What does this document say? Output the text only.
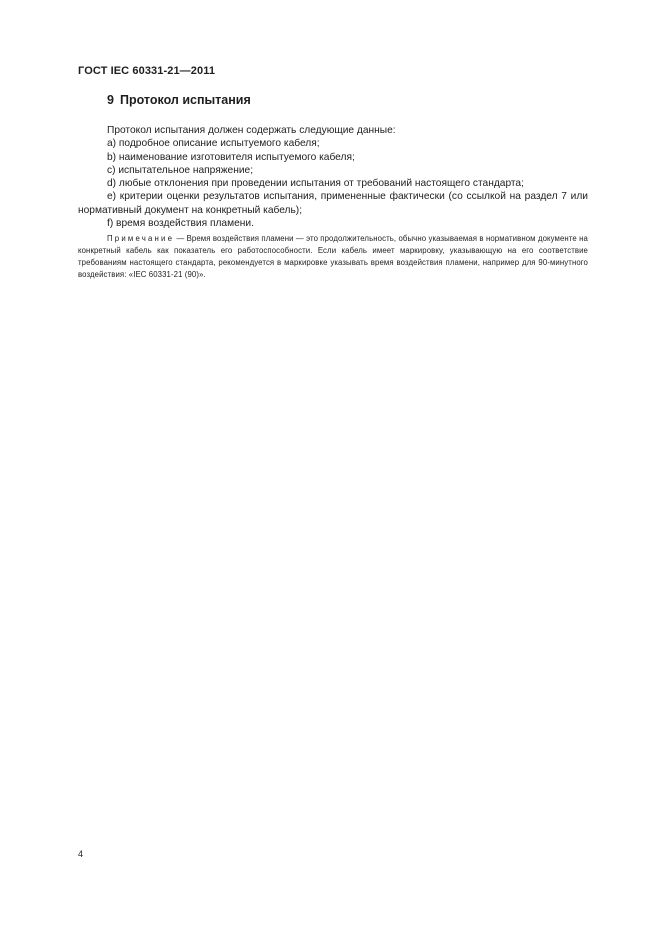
ГОСТ IEC 60331-21—2011
9 Протокол испытания
Протокол испытания должен содержать следующие данные:
a) подробное описание испытуемого кабеля;
b) наименование изготовителя испытуемого кабеля;
c) испытательное напряжение;
d) любые отклонения при проведении испытания от требований настоящего стандарта;
e) критерии оценки результатов испытания, примененные фактически (со ссылкой на раздел 7 или нормативный документ на конкретный кабель);
f) время воздействия пламени.
Примечание — Время воздействия пламени — это продолжительность, обычно указываемая в нормативном документе на конкретный кабель как показатель его работоспособности. Если кабель имеет маркировку, указывающую на его соответствие требованиям настоящего стандарта, рекомендуется в маркировке указывать время воздействия пламени, например для 90-минутного воздействия: «IEC 60331-21 (90)».
4
